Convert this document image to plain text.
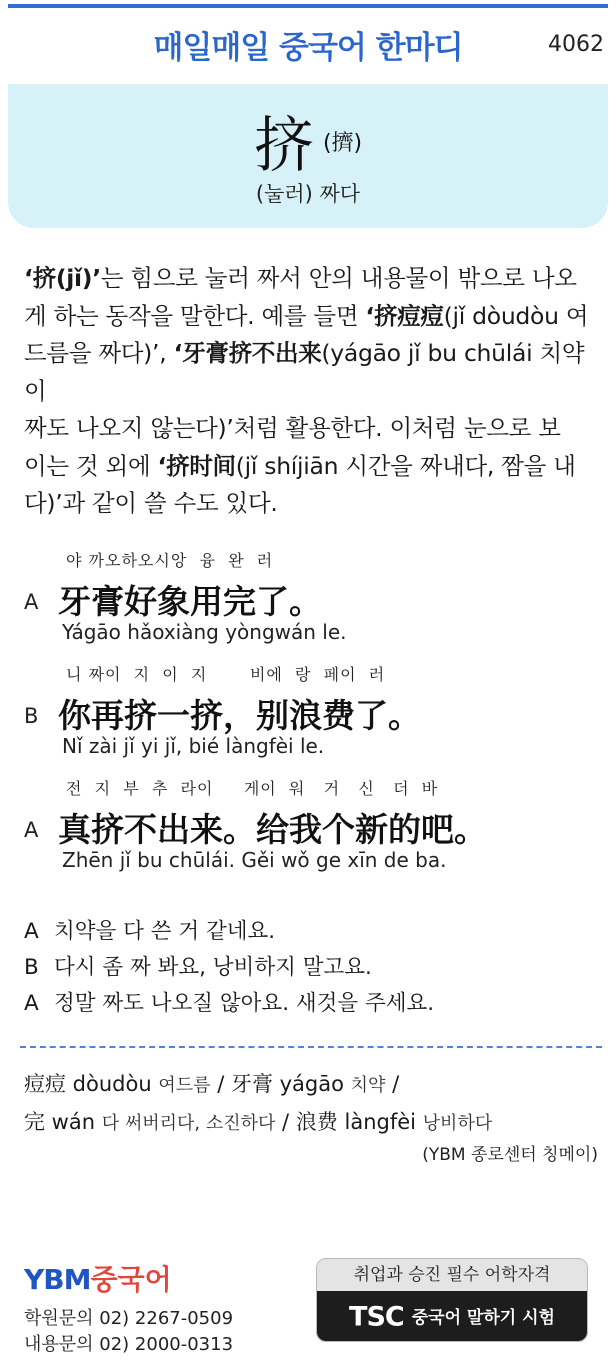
매일매일 중국어 한마디	4062
挤 (擠)
(눌러) 짜다
‘挤(jǐ)’는 힘으로 눌러 짜서 안의 내용물이 밖으로 나오
게 하는 동작을 말한다. 예를 들면 ‘挤痘痘(jǐ dòudòu 여
드름을 짜다)’, ‘牙膏挤不出来(yágāo jǐ bu chūlái 치약이
짜도 나오지 않는다)’처럼 활용한다. 이처럼 눈으로 보
이는 것 외에 ‘挤时间(jǐ shíjiān 시간을 짜내다, 짬을 내
다)’과 같이 쓸 수도 있다.
야 까오하오시앙  융  완  러
A 牙膏好象用完了。
Yágāo hǎoxiàng yòngwán le.
니 짜이  지  이  지       비에  랑  페이  러
B 你再挤一挤，别浪费了。
Nǐ zài jǐ yi jǐ, bié làngfèi le.
전  지  부  추  라이     게이  워   거   신   더  바
A 真挤不出来。给我个新的吧。
Zhēn jǐ bu chūlái. Gěi wǒ ge xīn de ba.
A 치약을 다 쓴 거 같네요.
B 다시 좀 짜 봐요, 낭비하지 말고요.
A 정말 짜도 나오질 않아요. 새것을 주세요.
痘痘 dòudòu 여드름 / 牙膏 yágāo 치약 /
完 wán 다 써버리다, 소진하다 / 浪费 làngfèi 낭비하다
(YBM 종로센터 칭메이)
YBM중국어
학원문의 02) 2267-0509
내용문의 02) 2000-0313
취업과 승진 필수 어학자격
TSC 중국어 말하기 시험
